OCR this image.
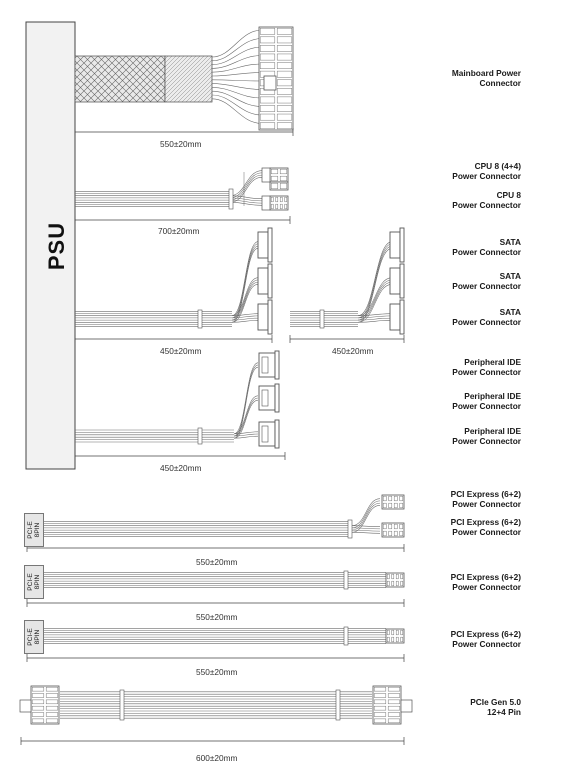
PSU
Mainboard Power
Connector
CPU 8 (4+4)
Power Connector
CPU 8
Power Connector
SATA
Power Connector
SATA
Power Connector
SATA
Power Connector
Peripheral IDE
Power Connector
Peripheral IDE
Power Connector
Peripheral IDE
Power Connector
PCI Express (6+2)
Power Connector
PCI Express (6+2)
Power Connector
PCI Express (6+2)
Power Connector
PCI Express (6+2)
Power Connector
PCIe Gen 5.0
12+4 Pin
550±20mm
700±20mm
450±20mm	450±20mm
450±20mm
550±20mm
550±20mm
550±20mm
600±20mm
PCI-E 8PIN
PCI-E 8PIN
PCI-E 8PIN
